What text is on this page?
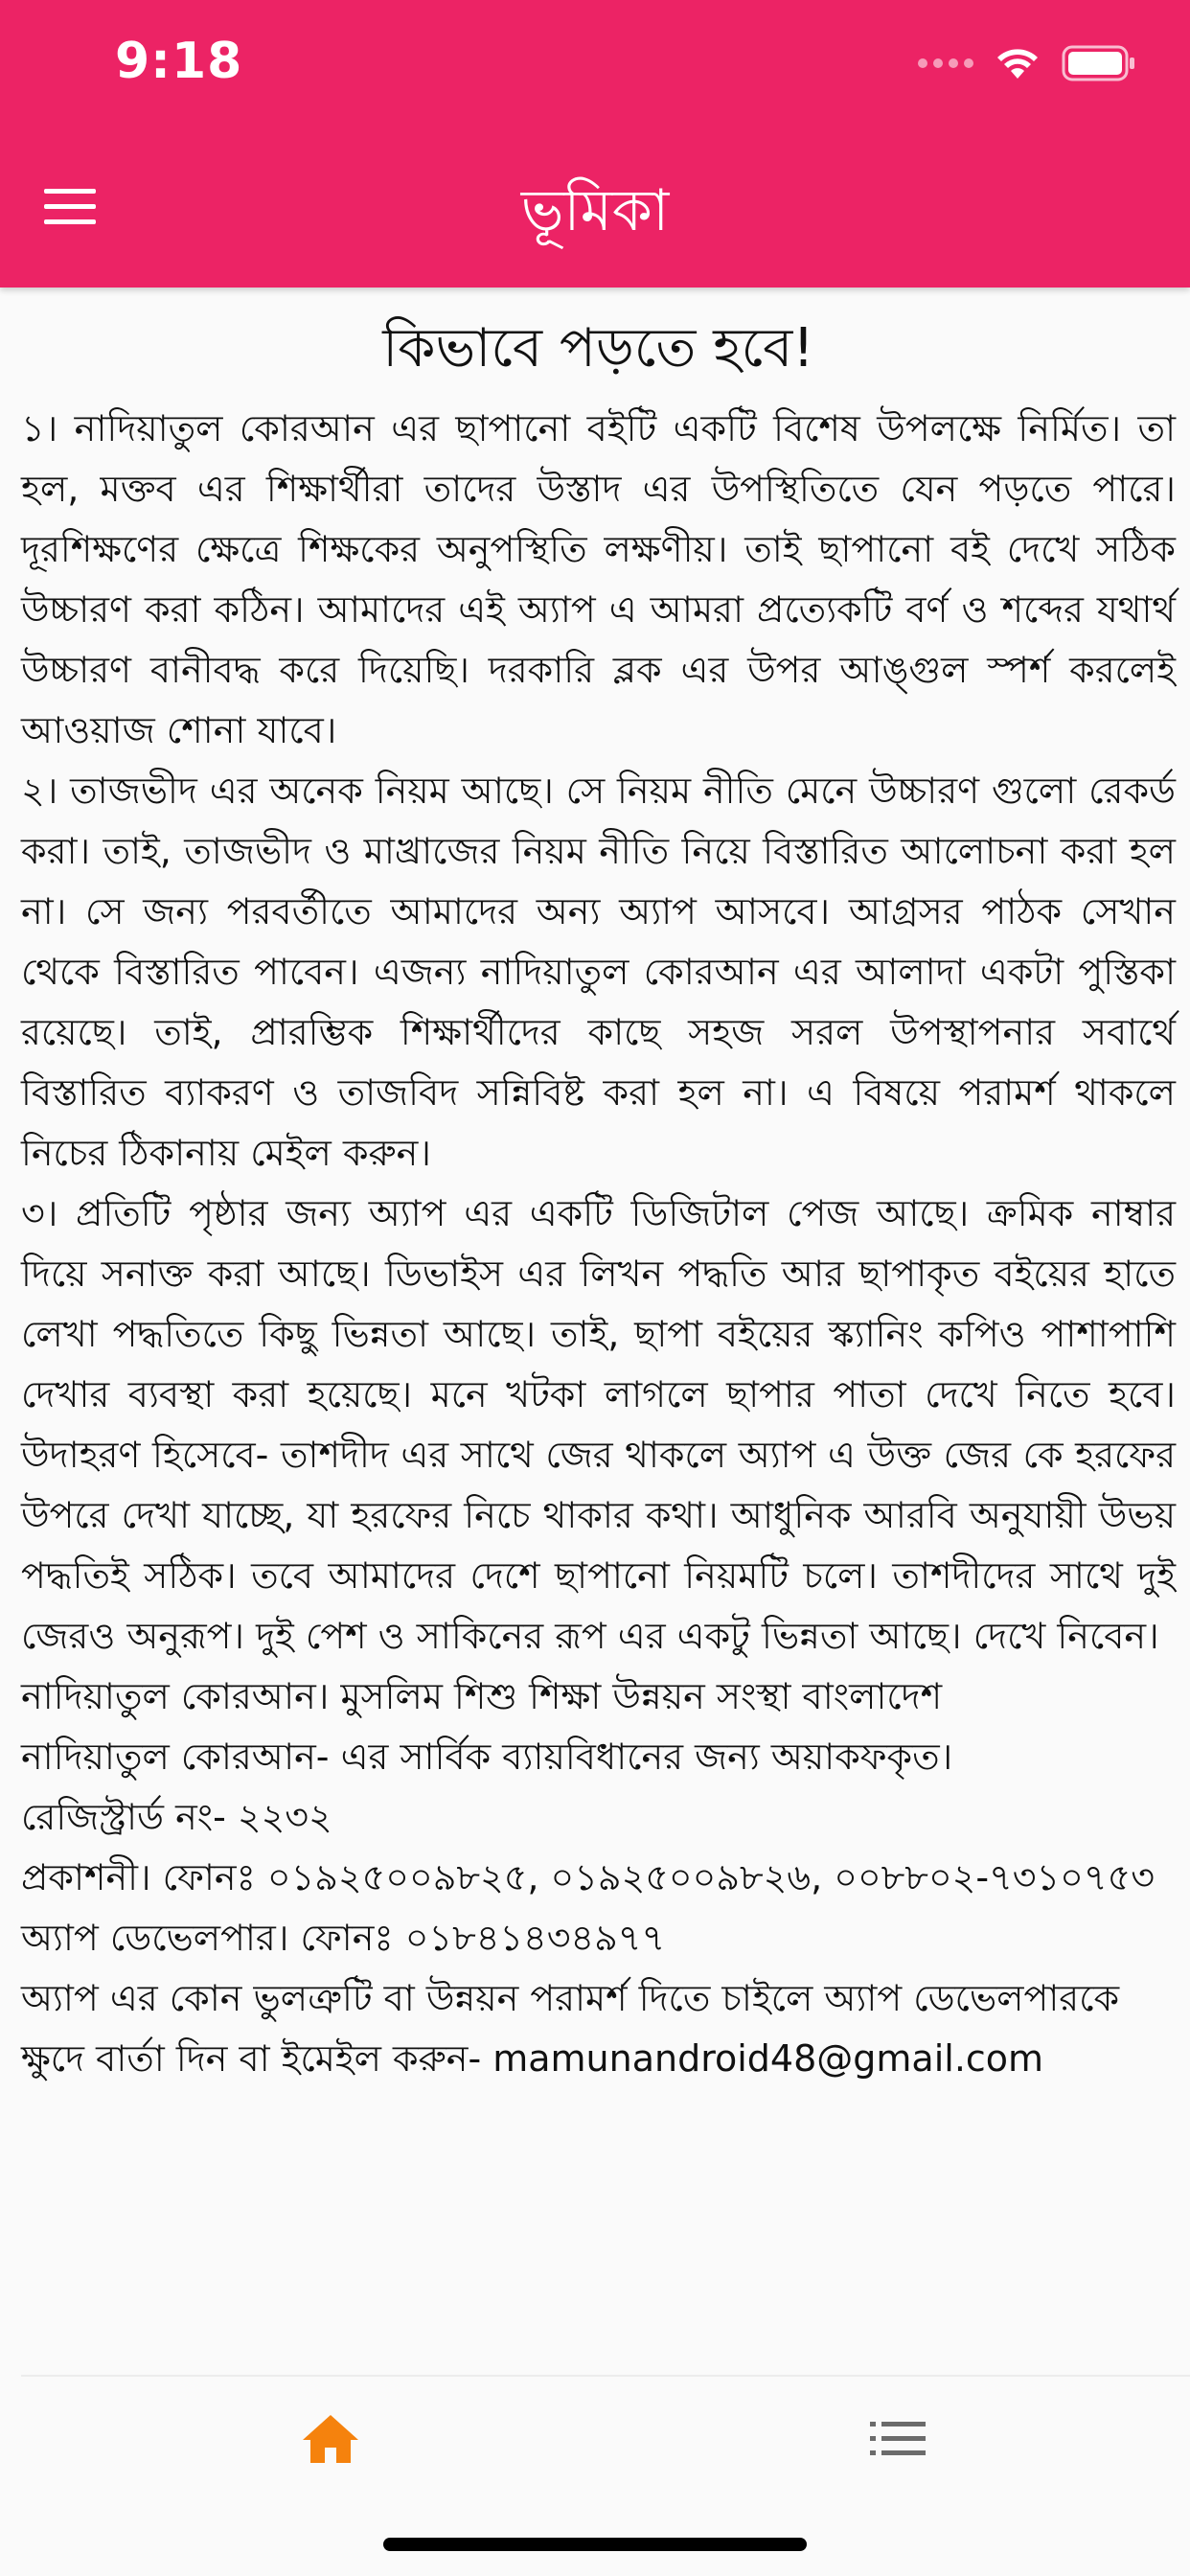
9:18
ভূমিকা
কিভাবে পড়তে হবে!

১। নাদিয়াতুল কোরআন এর ছাপানো বইটি একটি বিশেষ উপলক্ষে নির্মিত। তা হল, মক্তব এর শিক্ষার্থীরা তাদের উস্তাদ এর উপস্থিতিতে যেন পড়তে পারে। দূরশিক্ষণের ক্ষেত্রে শিক্ষকের অনুপস্থিতি লক্ষণীয়। তাই ছাপানো বই দেখে সঠিক উচ্চারণ করা কঠিন। আমাদের এই অ্যাপ এ আমরা প্রত্যেকটি বর্ণ ও শব্দের যথার্থ উচ্চারণ বানীবদ্ধ করে দিয়েছি। দরকারি ব্লক এর উপর আঙ্গুল স্পর্শ করলেই আওয়াজ শোনা যাবে।

২। তাজভীদ এর অনেক নিয়ম আছে। সে নিয়ম নীতি মেনে উচ্চারণ গুলো রেকর্ড করা। তাই, তাজভীদ ও মাখ্রাজের নিয়ম নীতি নিয়ে বিস্তারিত আলোচনা করা হল না। সে জন্য পরবর্তীতে আমাদের অন্য অ্যাপ আসবে। আগ্রসর পাঠক সেখান থেকে বিস্তারিত পাবেন। এজন্য নাদিয়াতুল কোরআন এর আলাদা একটা পুস্তিকা রয়েছে। তাই, প্রারম্ভিক শিক্ষার্থীদের কাছে সহজ সরল উপস্থাপনার সবার্থে বিস্তারিত ব্যাকরণ ও তাজবিদ সন্নিবিষ্ট করা হল না। এ বিষয়ে পরামর্শ থাকলে নিচের ঠিকানায় মেইল করুন।

৩। প্রতিটি পৃষ্ঠার জন্য অ্যাপ এর একটি ডিজিটাল পেজ আছে। ক্রমিক নাম্বার দিয়ে সনাক্ত করা আছে। ডিভাইস এর লিখন পদ্ধতি আর ছাপাকৃত বইয়ের হাতে লেখা পদ্ধতিতে কিছু ভিন্নতা আছে। তাই, ছাপা বইয়ের স্ক্যানিং কপিও পাশাপাশি দেখার ব্যবস্থা করা হয়েছে। মনে খটকা লাগলে ছাপার পাতা দেখে নিতে হবে। উদাহরণ হিসেবে- তাশদীদ এর সাথে জের থাকলে অ্যাপ এ উক্ত জের কে হরফের উপরে দেখা যাচ্ছে, যা হরফের নিচে থাকার কথা। আধুনিক আরবি অনুযায়ী উভয় পদ্ধতিই সঠিক। তবে আমাদের দেশে ছাপানো নিয়মটি চলে। তাশদীদের সাথে দুই জেরও অনুরূপ। দুই পেশ ও সাকিনের রূপ এর একটু ভিন্নতা আছে। দেখে নিবেন।

নাদিয়াতুল কোরআন। মুসলিম শিশু শিক্ষা উন্নয়ন সংস্থা বাংলাদেশ

নাদিয়াতুল কোরআন- এর সার্বিক ব্যায়বিধানের জন্য অয়াকফকৃত।

রেজিস্ট্রার্ড নং- ২২৩২

প্রকাশনী। ফোনঃ ০১৯২৫০০৯৮২৫, ০১৯২৫০০৯৮২৬, ০০৮৮০২-৭৩১০৭৫৩

অ্যাপ ডেভেলপার। ফোনঃ ০১৮৪১৪৩৪৯৭৭

অ্যাপ এর কোন ভুলত্রুটি বা উন্নয়ন পরামর্শ দিতে চাইলে অ্যাপ ডেভেলপারকে ক্ষুদে বার্তা দিন বা ইমেইল করুন- mamunandroid48@gmail.com
